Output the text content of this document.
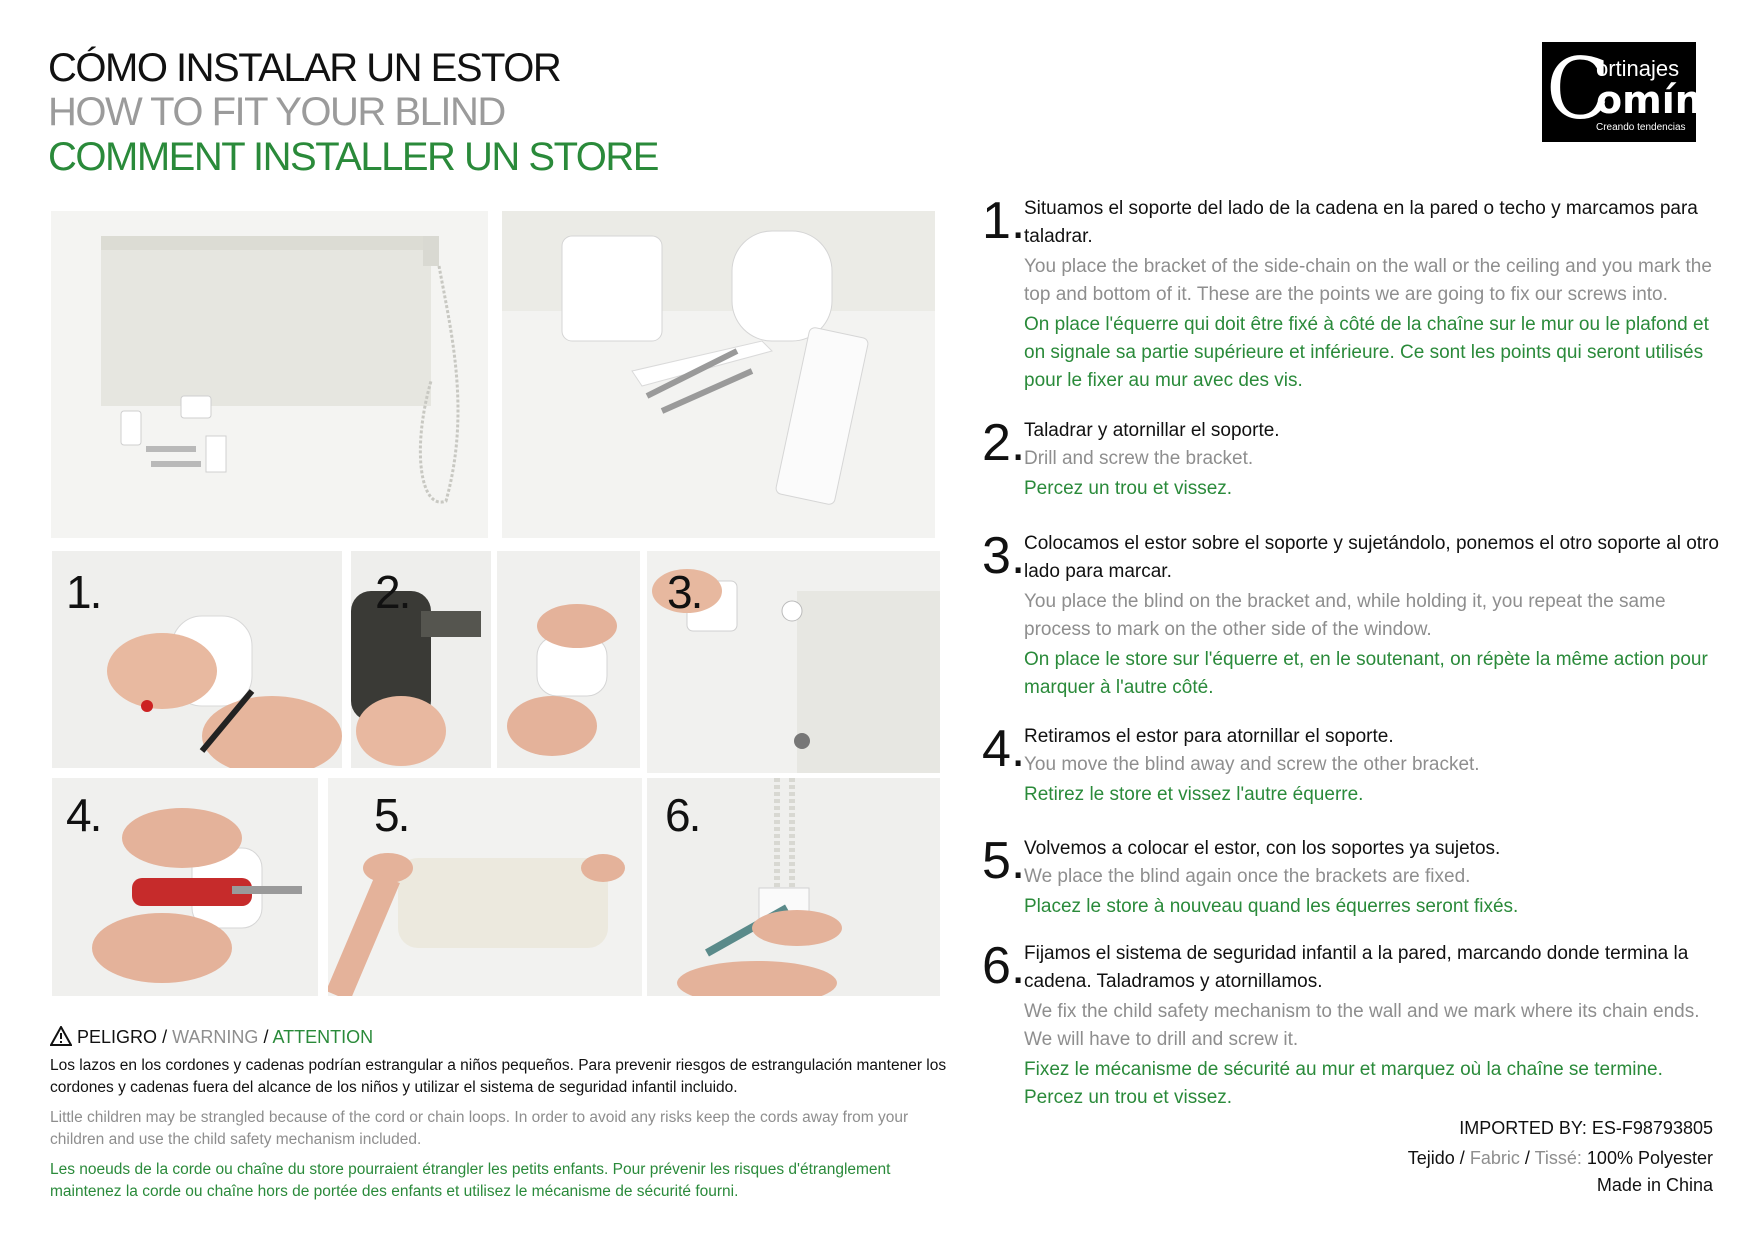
CÓMO INSTALAR UN ESTOR
HOW TO FIT YOUR BLIND
COMMENT INSTALLER UN STORE
C
ortinajes
omín
Creando tendencias
1.	2.	3.
4.	5.	6.
1.

Situamos el soporte del lado de la cadena en la pared o techo y marcamos para taladrar.

You place the bracket of the side-chain on the wall or the ceiling and you mark the top and bottom of it. These are the points we are going to fix our screws into.

On place l'équerre qui doit être fixé à côté de la chaîne sur le mur ou le plafond et on signale sa partie supérieure et inférieure. Ce sont les points qui seront utilisés pour le fixer au mur avec des vis.

2.

Taladrar y atornillar el soporte.

Drill and screw the bracket.

Percez un trou et vissez.

3.

Colocamos el estor sobre el soporte y sujetándolo, ponemos el otro soporte al otro lado para marcar.

You place the blind on the bracket and, while holding it, you repeat the same process to mark on the other side of the window.

On place le store sur l'équerre et, en le soutenant, on répète la même action pour marquer à l'autre côté.

4.

Retiramos el estor para atornillar el soporte.

You move the blind away and screw the other bracket.

Retirez le store et vissez l'autre équerre.

5.

Volvemos a colocar el estor, con los soportes ya sujetos.

We place the blind again once the brackets are fixed.

Placez le store à nouveau quand les équerres seront fixés.

6.

Fijamos el sistema de seguridad infantil a la pared, marcando donde termina la cadena. Taladramos y atornillamos.

We fix the child safety mechanism to the wall and we mark where its chain ends. We will have to drill and screw it.

Fixez le mécanisme de sécurité au mur et marquez où la chaîne se termine. Percez un trou et vissez.

PELIGRO / WARNING / ATTENTION

Los lazos en los cordones y cadenas podrían estrangular a niños pequeños. Para prevenir riesgos de estrangulación mantener los cordones y cadenas fuera del alcance de los niños y utilizar el sistema de seguridad infantil incluido.

Little children may be strangled because of the cord or chain loops. In order to avoid any risks keep the cords away from your children and use the child safety mechanism included.

Les noeuds de la corde ou chaîne du store pourraient étrangler les petits enfants. Pour prévenir les risques d'étranglement maintenez la corde ou chaîne hors de portée des enfants et utilisez le mécanisme de sécurité fourni.

IMPORTED BY: ES-F98793805
Tejido / Fabric / Tissé: 100% Polyester
Made in China
